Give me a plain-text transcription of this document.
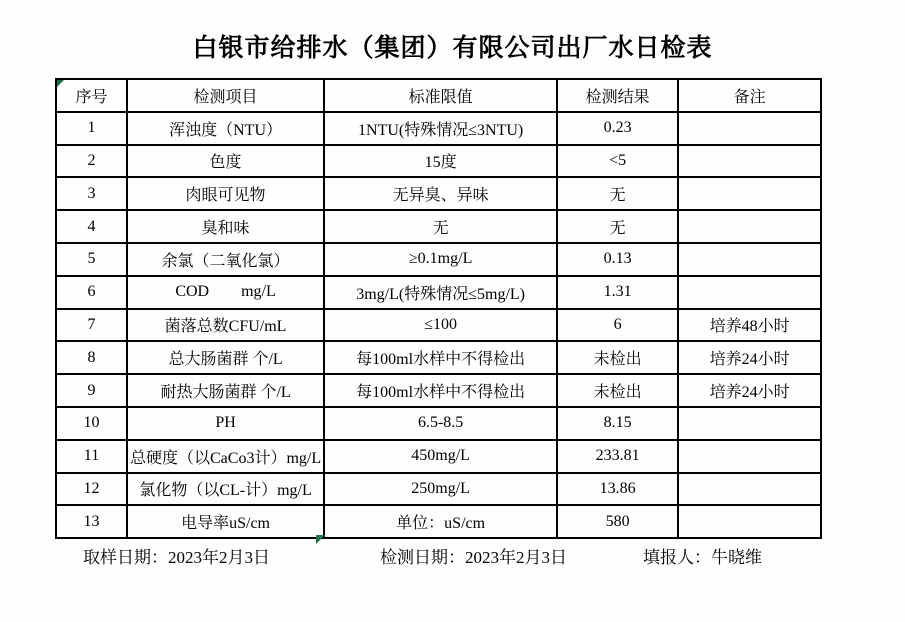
白银市给排水（集团）有限公司出厂水日检表
序号	检测项目	标准限值	检测结果	备注
1	浑浊度（NTU）	1NTU(特殊情况≤3NTU)	0.23	
2	色度	15度	<5	
3	肉眼可见物	无异臭、异味	无	
4	臭和味	无	无	
5	余氯（二氧化氯）	≥0.1mg/L	0.13	
6	COD        mg/L	3mg/L(特殊情况≤5mg/L)	1.31	
7	菌落总数CFU/mL	≤100	6	培养48小时
8	总大肠菌群 个/L	每100ml水样中不得检出	未检出	培养24小时
9	耐热大肠菌群 个/L	每100ml水样中不得检出	未检出	培养24小时
10	PH	6.5-8.5	8.15	
11	总硬度（以CaCo3计）mg/L	450mg/L	233.81	
12	氯化物（以CL-计）mg/L	250mg/L	13.86	
13	电导率uS/cm	单位：uS/cm	580	
取样日期：2023年2月3日	检测日期：2023年2月3日	填报人：牛晓维
